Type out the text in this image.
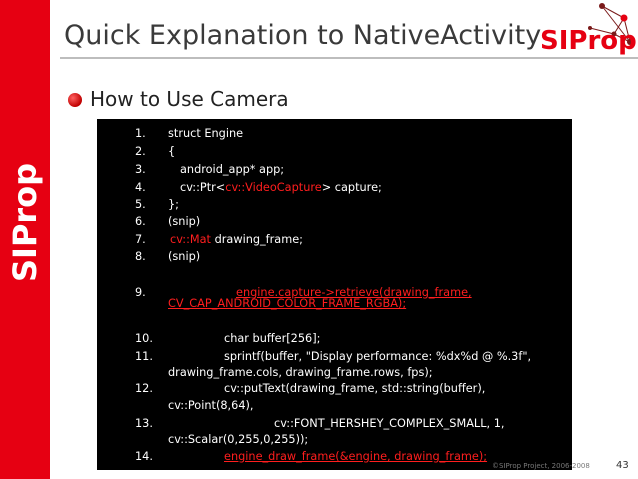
SIProp
Quick Explanation to NativeActivity
SIProp
How to Use Camera
1. struct Engine
2. {
3.	android_app* app;
4.	cv::Ptr<cv::VideoCapture> capture;
5. };
6. (snip)
7. cv::Mat drawing_frame;
8. (snip)
9.	engine.capture->retrieve(drawing_frame,
CV_CAP_ANDROID_COLOR_FRAME_RGBA);
10.	char buffer[256];
11.	sprintf(buffer, "Display performance: %dx%d @ %.3f",
drawing_frame.cols, drawing_frame.rows, fps);
12.	cv::putText(drawing_frame, std::string(buffer),
cv::Point(8,64),
13.	cv::FONT_HERSHEY_COMPLEX_SMALL, 1,
cv::Scalar(0,255,0,255));
14.	engine_draw_frame(&engine, drawing_frame);
©SIProp Project, 2006-2008	43
